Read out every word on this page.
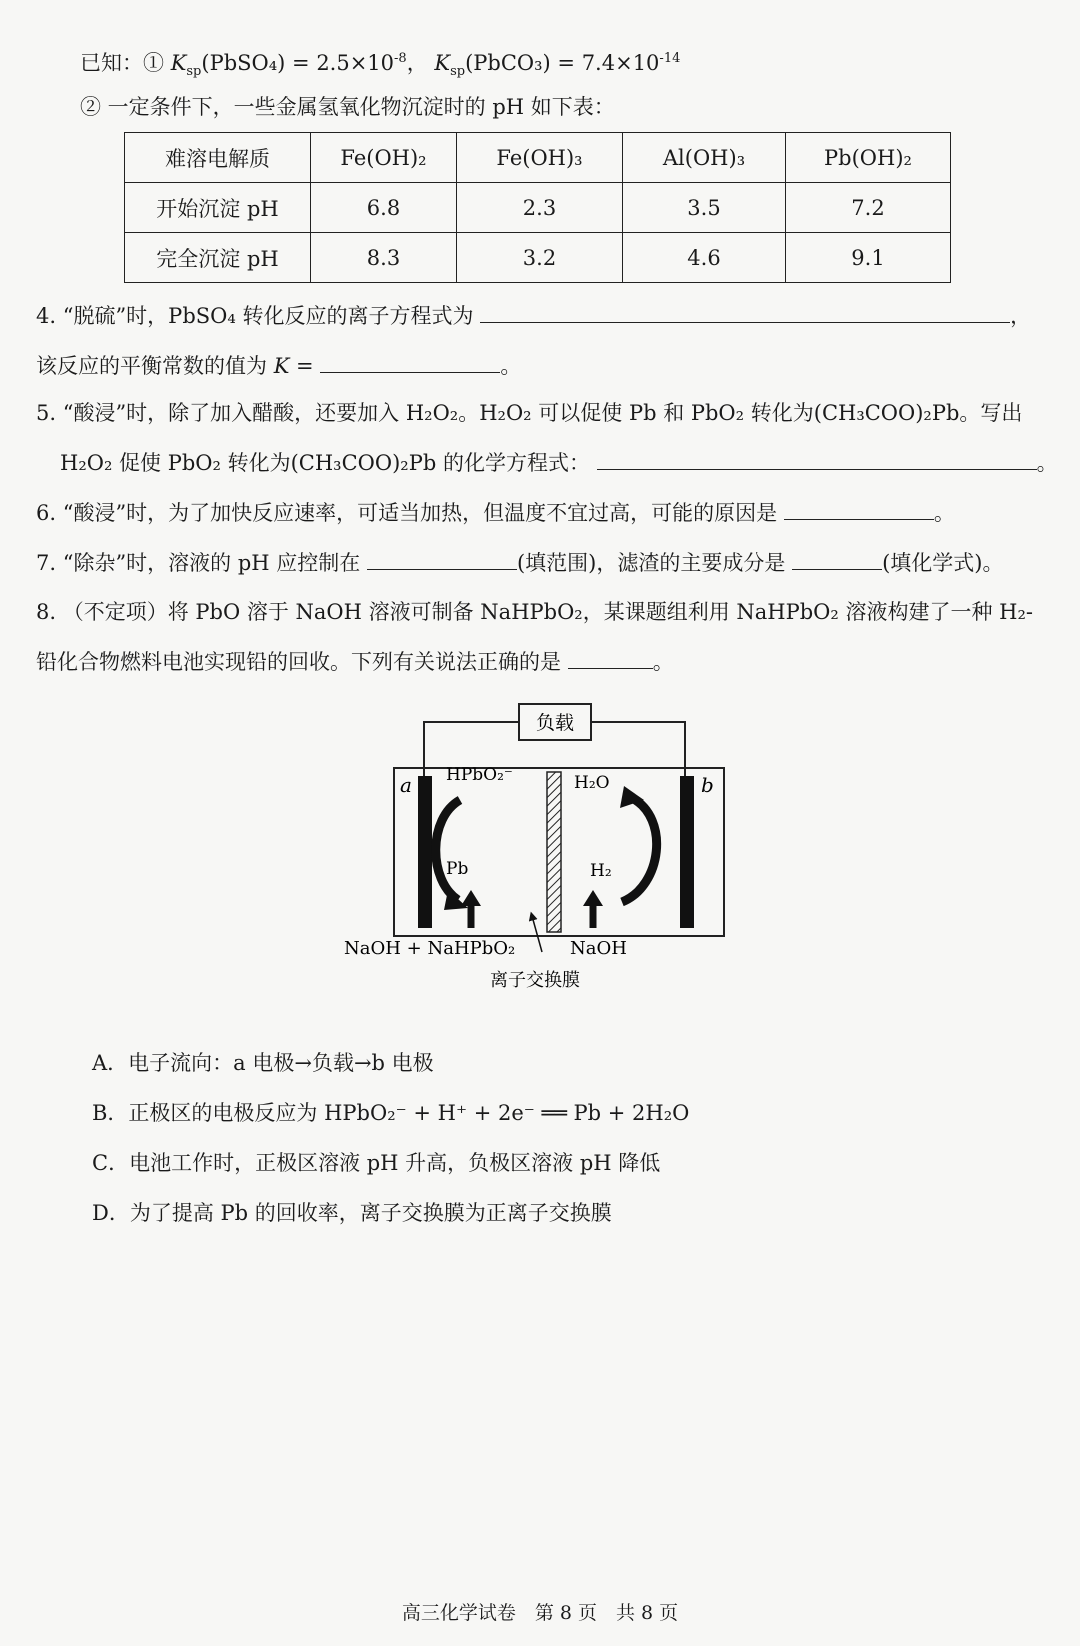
已知：① $K_{sp}(PbSO_4) = 2.5\times 10^{-8}$， $K_{sp}(PbCO_3) = 7.4\times 10^{-14}$
② 一定条件下，一些金属氢氧化物沉淀时的 pH 如下表：
难溶电解质	Fe(OH)₂	Fe(OH)₃	Al(OH)₃	Pb(OH)₂
开始沉淀 pH	6.8	2.3	3.5	7.2
完全沉淀 pH	8.3	3.2	4.6	9.1
4. “脱硫”时，PbSO₄ 转化反应的离子方程式为	，
该反应的平衡常数的值为 K =	。
5. “酸浸”时，除了加入醋酸，还要加入 H₂O₂。H₂O₂ 可以促使 Pb 和 PbO₂ 转化为(CH₃COO)₂Pb。写出
H₂O₂ 促使 PbO₂ 转化为(CH₃COO)₂Pb 的化学方程式：	。
6. “酸浸”时，为了加快反应速率，可适当加热，但温度不宜过高，可能的原因是	。
7. “除杂”时，溶液的 pH 应控制在	(填范围)，滤渣的主要成分是	(填化学式)。
8. （不定项）将 PbO 溶于 NaOH 溶液可制备 NaHPbO₂，某课题组利用 NaHPbO₂ 溶液构建了一种 H₂-
铅化合物燃料电池实现铅的回收。下列有关说法正确的是	。
负载
a	b
HPbO₂⁻
Pb
H₂O
H₂
NaOH + NaHPbO₂	NaOH
离子交换膜
A．电子流向：a 电极→负载→b 电极
B．正极区的电极反应为 HPbO₂⁻ + H⁺ + 2e⁻ ══ Pb + 2H₂O
C．电池工作时，正极区溶液 pH 升高，负极区溶液 pH 降低
D．为了提高 Pb 的回收率，离子交换膜为正离子交换膜
高三化学试卷　第 8 页　共 8 页
